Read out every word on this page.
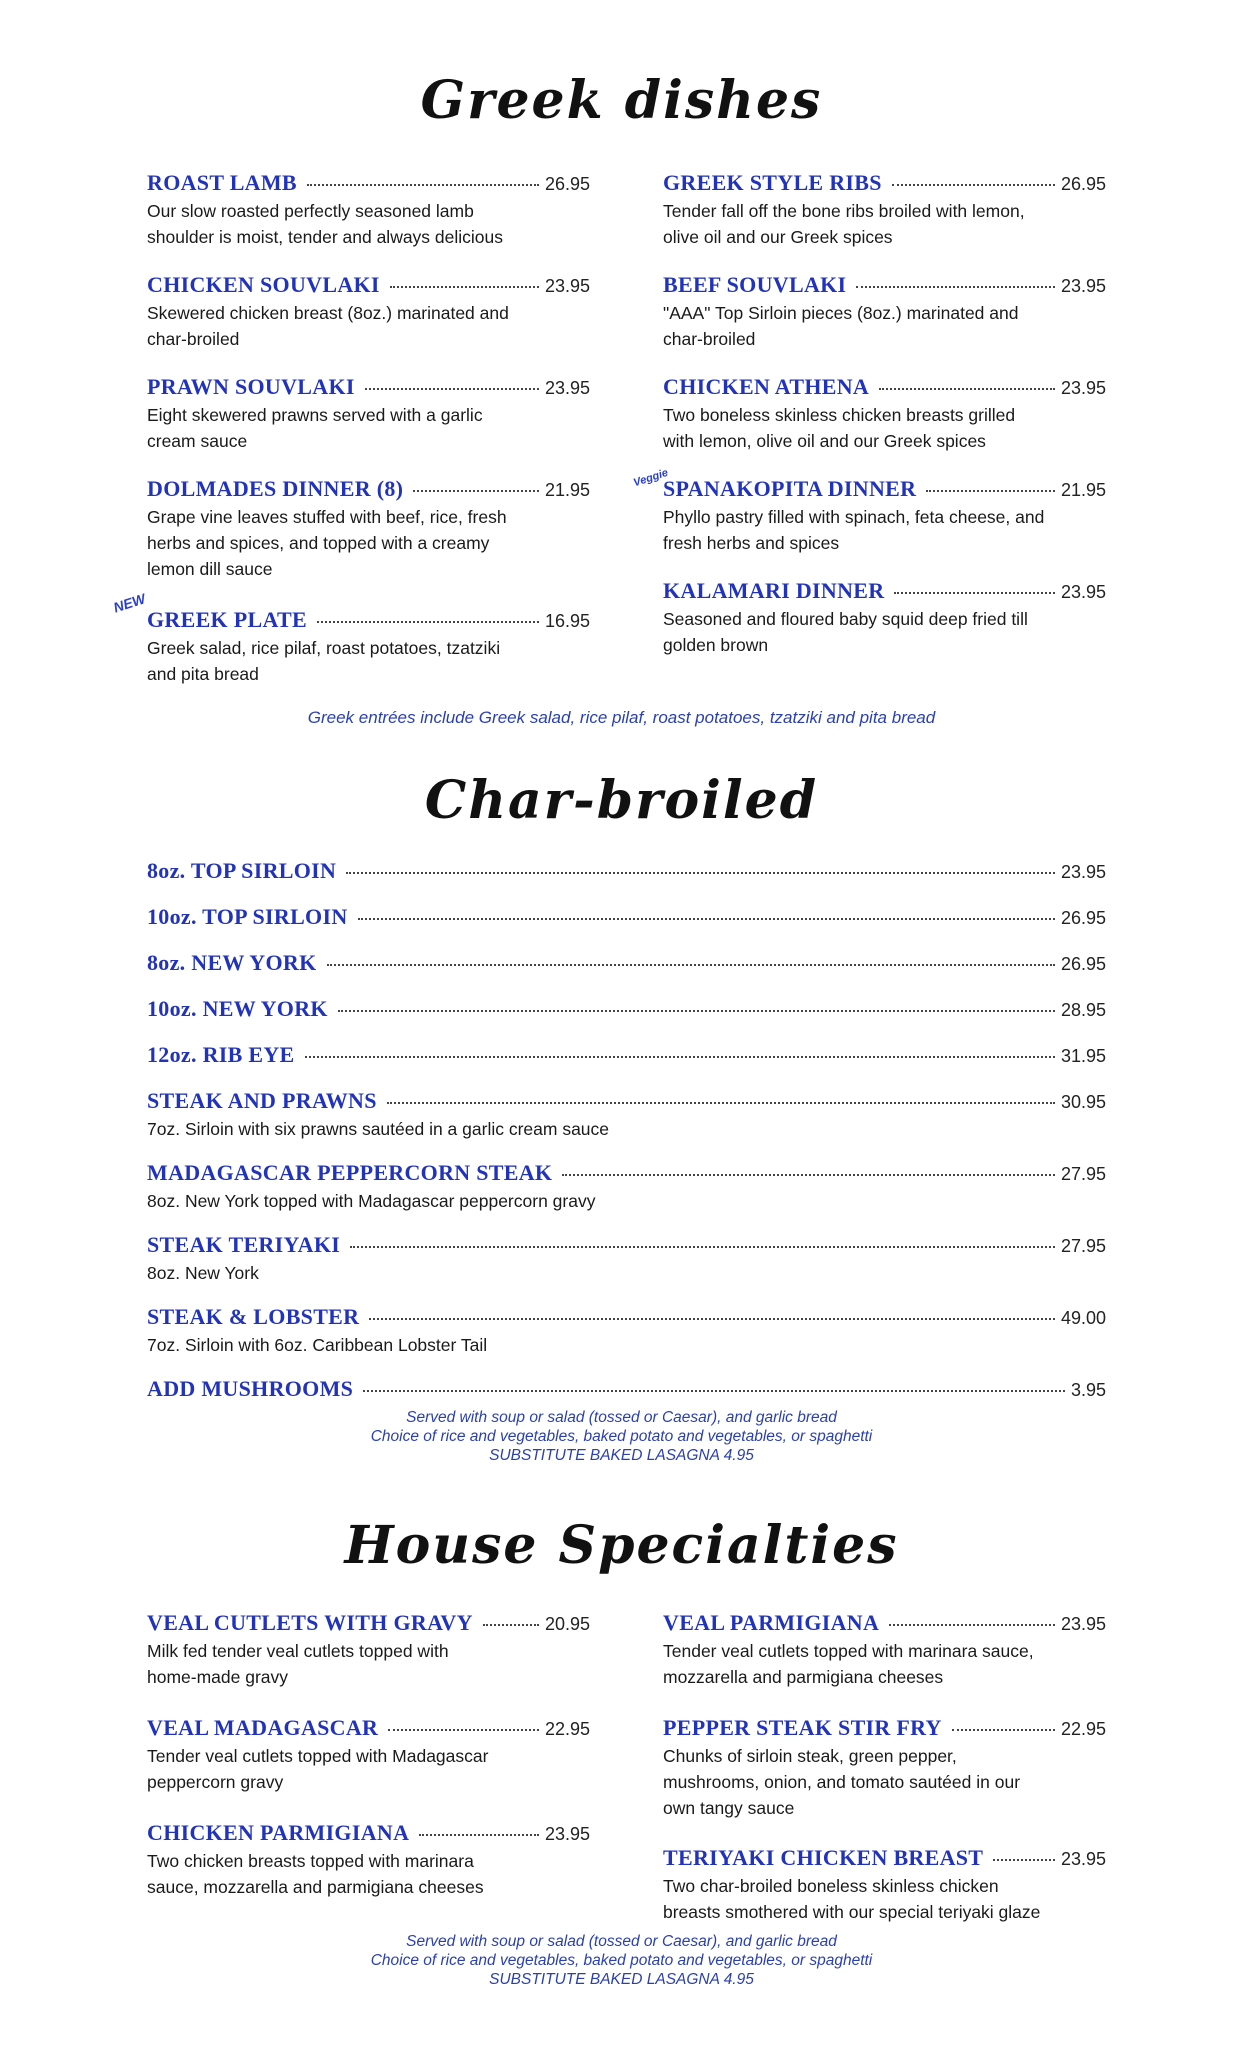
Greek dishes
Char-broiled
House Specialties
ROAST LAMB	26.95
Our slow roasted perfectly seasoned lamb
shoulder is moist, tender and always delicious
CHICKEN SOUVLAKI	23.95
Skewered chicken breast (8oz.) marinated and
char-broiled
PRAWN SOUVLAKI	23.95
Eight skewered prawns served with a garlic
cream sauce
DOLMADES DINNER (8)	21.95
Grape vine leaves stuffed with beef, rice, fresh
herbs and spices, and topped with a creamy
lemon dill sauce
GREEK PLATE	16.95
Greek salad, rice pilaf, roast potatoes, tzatziki
and pita bread
NEW
GREEK STYLE RIBS	26.95
Tender fall off the bone ribs broiled with lemon,
olive oil and our Greek spices
BEEF SOUVLAKI	23.95
"AAA" Top Sirloin pieces (8oz.) marinated and
char-broiled
CHICKEN ATHENA	23.95
Two boneless skinless chicken breasts grilled
with lemon, olive oil and our Greek spices
SPANAKOPITA DINNER	21.95
Phyllo pastry filled with spinach, feta cheese, and
fresh herbs and spices
Veggie
KALAMARI DINNER	23.95
Seasoned and floured baby squid deep fried till
golden brown
Greek entrées include Greek salad, rice pilaf, roast potatoes, tzatziki and pita bread
8oz. TOP SIRLOIN	23.95
10oz. TOP SIRLOIN	26.95
8oz. NEW YORK	26.95
10oz. NEW YORK	28.95
12oz. RIB EYE	31.95
STEAK AND PRAWNS	30.95
7oz. Sirloin with six prawns sautéed in a garlic cream sauce
MADAGASCAR PEPPERCORN STEAK	27.95
8oz. New York topped with Madagascar peppercorn gravy
STEAK TERIYAKI	27.95
8oz. New York
STEAK & LOBSTER	49.00
7oz. Sirloin with 6oz. Caribbean Lobster Tail
ADD MUSHROOMS	3.95
Served with soup or salad (tossed or Caesar), and garlic bread
Choice of rice and vegetables, baked potato and vegetables, or spaghetti
SUBSTITUTE BAKED LASAGNA 4.95
VEAL CUTLETS WITH GRAVY	20.95
Milk fed tender veal cutlets topped with
home-made gravy
VEAL MADAGASCAR	22.95
Tender veal cutlets topped with Madagascar
peppercorn gravy
CHICKEN PARMIGIANA	23.95
Two chicken breasts topped with marinara
sauce, mozzarella and parmigiana cheeses
VEAL PARMIGIANA	23.95
Tender veal cutlets topped with marinara sauce,
mozzarella and parmigiana cheeses
PEPPER STEAK STIR FRY	22.95
Chunks of sirloin steak, green pepper,
mushrooms, onion, and tomato sautéed in our
own tangy sauce
TERIYAKI CHICKEN BREAST	23.95
Two char-broiled boneless skinless chicken
breasts smothered with our special teriyaki glaze
Served with soup or salad (tossed or Caesar), and garlic bread
Choice of rice and vegetables, baked potato and vegetables, or spaghetti
SUBSTITUTE BAKED LASAGNA 4.95
